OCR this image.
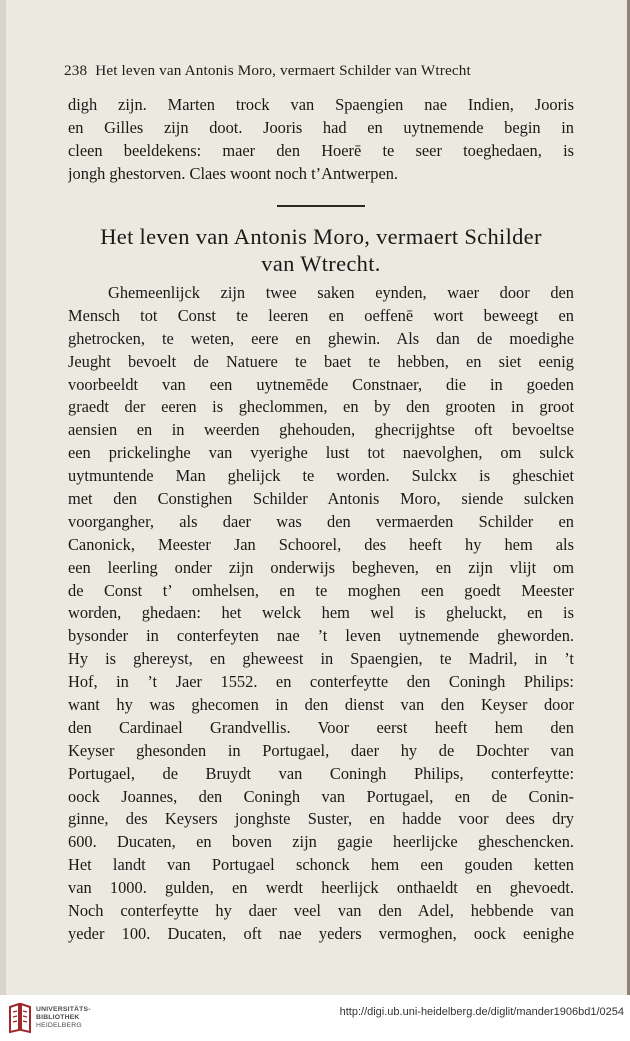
238 Het leven van Antonis Moro, vermaert Schilder van Wtrecht
digh zijn. Marten trock van Spaengien nae Indien, Jooris
en Gilles zijn doot. Jooris had en uytnemende begin in
cleen beeldekens: maer den Hoerē te seer toeghedaen, is
jongh ghestorven. Claes woont noch t’Antwerpen.
Het leven van Antonis Moro, vermaert Schilder
van Wtrecht.
Ghemeenlijck zijn twee saken eynden, waer door den
Mensch tot Const te leeren en oeffenē wort beweegt en
ghetrocken, te weten, eere en ghewin. Als dan de moedighe
Jeught bevoelt de Natuere te baet te hebben, en siet eenig
voorbeeldt van een uytnemēde Constnaer, die in goeden
graedt der eeren is gheclommen, en by den grooten in groot
aensien en in weerden ghehouden, ghecrijghtse oft bevoeltse
een prickelinghe van vyerighe lust tot naevolghen, om sulck
uytmuntende Man ghelijck te worden. Sulckx is gheschiet
met den Constighen Schilder Antonis Moro, siende sulcken
voorgangher, als daer was den vermaerden Schilder en
Canonick, Meester Jan Schoorel, des heeft hy hem als
een leerling onder zijn onderwijs begheven, en zijn vlijt om
de Const t’ omhelsen, en te moghen een goedt Meester
worden, ghedaen: het welck hem wel is gheluckt, en is
bysonder in conterfeyten nae ’t leven uytnemende gheworden.
Hy is ghereyst, en gheweest in Spaengien, te Madril, in ’t
Hof, in ’t Jaer 1552. en conterfeytte den Coningh Philips:
want hy was ghecomen in den dienst van den Keyser door
den Cardinael Grandvellis. Voor eerst heeft hem den
Keyser ghesonden in Portugael, daer hy de Dochter van
Portugael, de Bruydt van Coningh Philips, conterfeytte:
oock Joannes, den Coningh van Portugael, en de Conin-
ginne, des Keysers jonghste Suster, en hadde voor dees dry
600. Ducaten, en boven zijn gagie heerlijcke gheschencken.
Het landt van Portugael schonck hem een gouden ketten
van 1000. gulden, en werdt heerlijck onthaeldt en ghevoedt.
Noch conterfeytte hy daer veel van den Adel, hebbende van
yeder 100. Ducaten, oft nae yeders vermoghen, oock eenighe
UNIVERSITÄTS-
BIBLIOTHEK
HEIDELBERG
http://digi.ub.uni-heidelberg.de/diglit/mander1906bd1/0254
